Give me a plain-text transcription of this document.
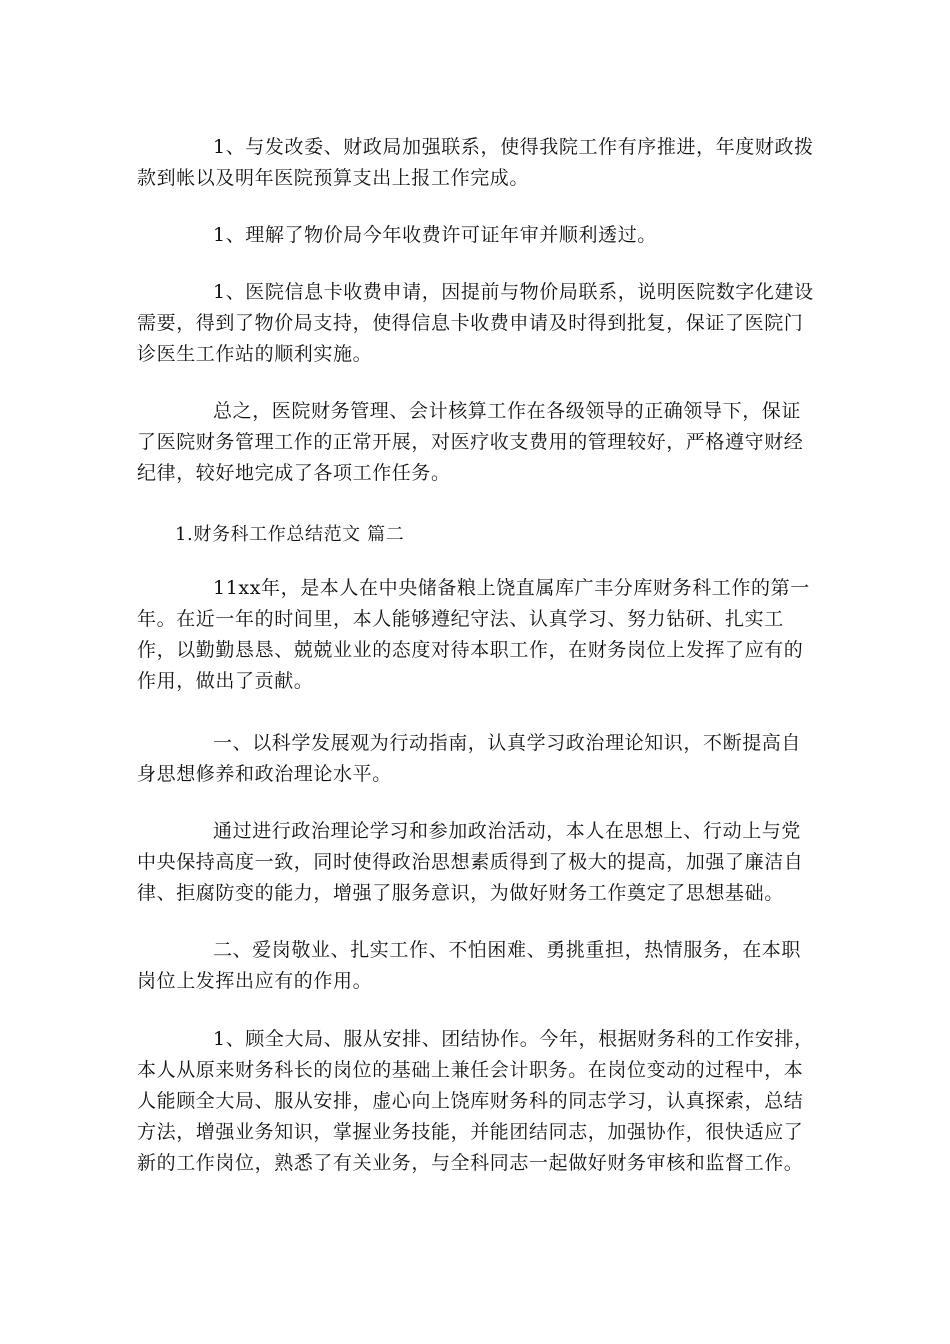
1、与发改委、财政局加强联系，使得我院工作有序推进，年度财政拨款到帐以及明年医院预算支出上报工作完成。

1、理解了物价局今年收费许可证年审并顺利透过。

1、医院信息卡收费申请，因提前与物价局联系，说明医院数字化建设需要，得到了物价局支持，使得信息卡收费申请及时得到批复，保证了医院门诊医生工作站的顺利实施。

总之，医院财务管理、会计核算工作在各级领导的正确领导下，保证了医院财务管理工作的正常开展，对医疗收支费用的管理较好，严格遵守财经纪律，较好地完成了各项工作任务。

1.财务科工作总结范文 篇二

11xx年，是本人在中央储备粮上饶直属库广丰分库财务科工作的第一年。在近一年的时间里，本人能够遵纪守法、认真学习、努力钻研、扎实工作，以勤勤恳恳、兢兢业业的态度对待本职工作，在财务岗位上发挥了应有的作用，做出了贡献。

一、以科学发展观为行动指南，认真学习政治理论知识，不断提高自身思想修养和政治理论水平。

通过进行政治理论学习和参加政治活动，本人在思想上、行动上与党中央保持高度一致，同时使得政治思想素质得到了极大的提高，加强了廉洁自律、拒腐防变的能力，增强了服务意识，为做好财务工作奠定了思想基础。

二、爱岗敬业、扎实工作、不怕困难、勇挑重担，热情服务，在本职岗位上发挥出应有的作用。

1、顾全大局、服从安排、团结协作。今年，根据财务科的工作安排，本人从原来财务科长的岗位的基础上兼任会计职务。在岗位变动的过程中，本人能顾全大局、服从安排，虚心向上饶库财务科的同志学习，认真探索，总结方法，增强业务知识，掌握业务技能，并能团结同志，加强协作，很快适应了新的工作岗位，熟悉了有关业务，与全科同志一起做好财务审核和监督工作。
